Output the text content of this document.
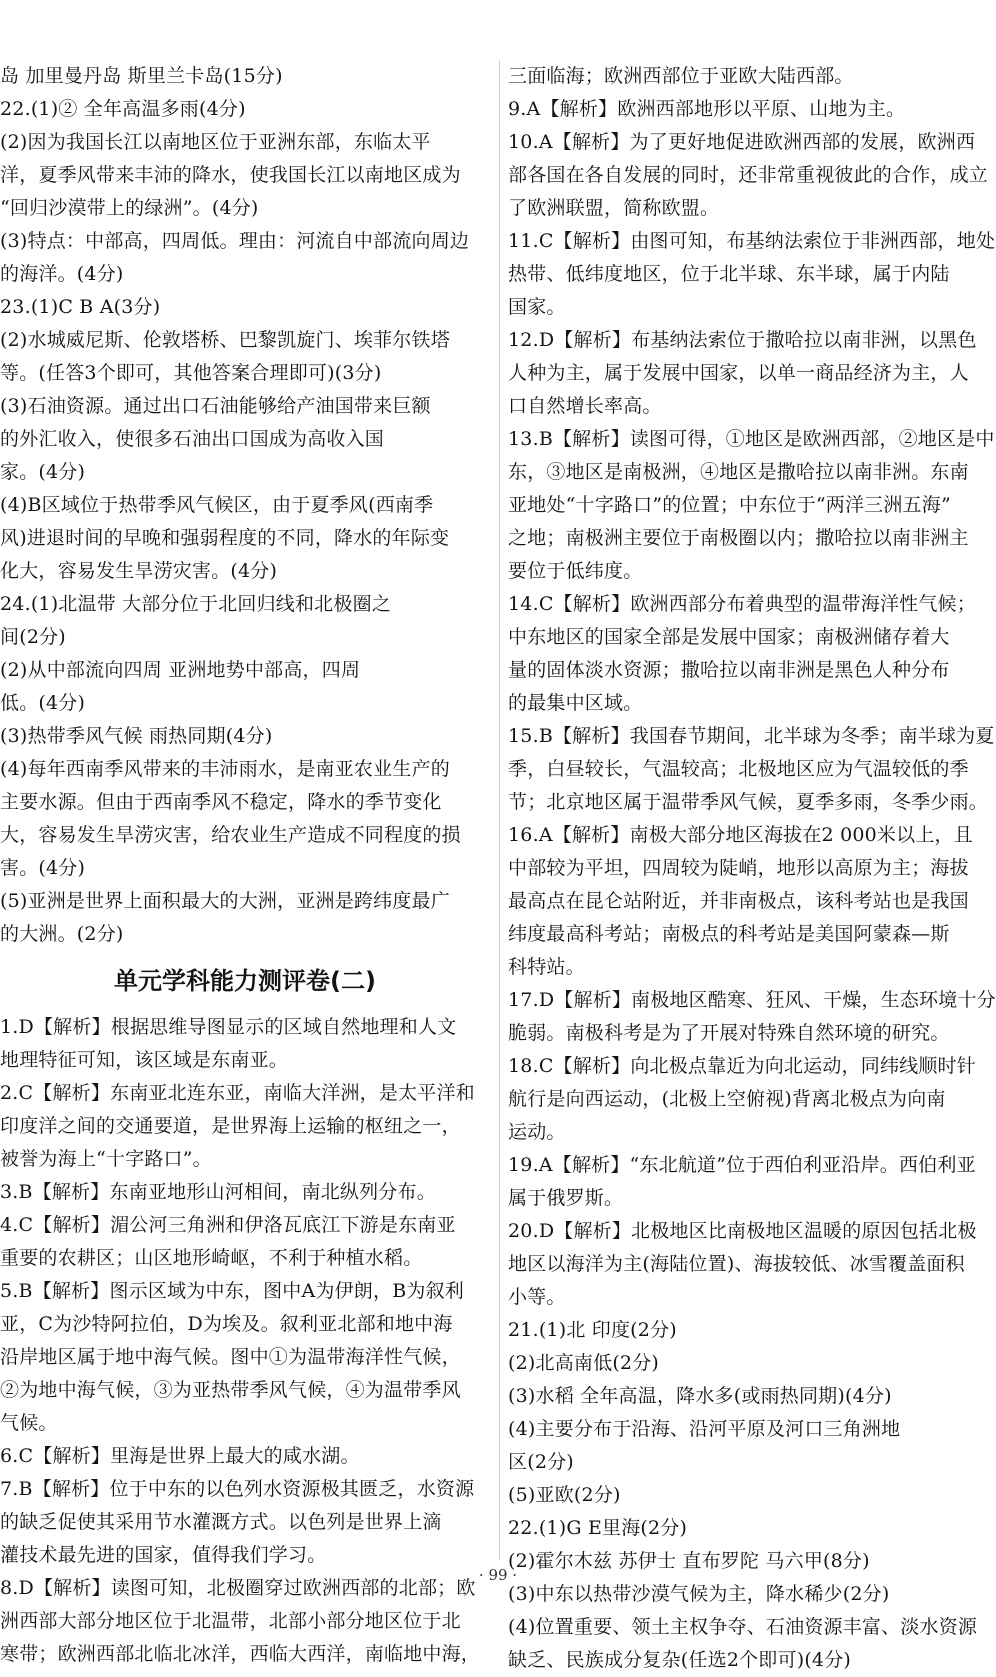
岛 加里曼丹岛 斯里兰卡岛(15分)
22.(1)② 全年高温多雨(4分)
(2)因为我国长江以南地区位于亚洲东部，东临太平
洋，夏季风带来丰沛的降水，使我国长江以南地区成为
“回归沙漠带上的绿洲”。(4分)
(3)特点：中部高，四周低。理由：河流自中部流向周边
的海洋。(4分)
23.(1)C B A(3分)
(2)水城威尼斯、伦敦塔桥、巴黎凯旋门、埃菲尔铁塔
等。(任答3个即可，其他答案合理即可)(3分)
(3)石油资源。通过出口石油能够给产油国带来巨额
的外汇收入，使很多石油出口国成为高收入国
家。(4分)
(4)B区域位于热带季风气候区，由于夏季风(西南季
风)进退时间的早晚和强弱程度的不同，降水的年际变
化大，容易发生旱涝灾害。(4分)
24.(1)北温带 大部分位于北回归线和北极圈之
间(2分)
(2)从中部流向四周 亚洲地势中部高，四周
低。(4分)
(3)热带季风气候 雨热同期(4分)
(4)每年西南季风带来的丰沛雨水，是南亚农业生产的
主要水源。但由于西南季风不稳定，降水的季节变化
大，容易发生旱涝灾害，给农业生产造成不同程度的损
害。(4分)
(5)亚洲是世界上面积最大的大洲，亚洲是跨纬度最广
的大洲。(2分)
单元学科能力测评卷(二)
1.D【解析】根据思维导图显示的区域自然地理和人文
地理特征可知，该区域是东南亚。
2.C【解析】东南亚北连东亚，南临大洋洲，是太平洋和
印度洋之间的交通要道，是世界海上运输的枢纽之一，
被誉为海上“十字路口”。
3.B【解析】东南亚地形山河相间，南北纵列分布。
4.C【解析】湄公河三角洲和伊洛瓦底江下游是东南亚
重要的农耕区；山区地形崎岖，不利于种植水稻。
5.B【解析】图示区域为中东，图中A为伊朗，B为叙利
亚，C为沙特阿拉伯，D为埃及。叙利亚北部和地中海
沿岸地区属于地中海气候。图中①为温带海洋性气候，
②为地中海气候，③为亚热带季风气候，④为温带季风
气候。
6.C【解析】里海是世界上最大的咸水湖。
7.B【解析】位于中东的以色列水资源极其匮乏，水资源
的缺乏促使其采用节水灌溉方式。以色列是世界上滴
灌技术最先进的国家，值得我们学习。
8.D【解析】读图可知，北极圈穿过欧洲西部的北部；欧
洲西部大部分地区位于北温带，北部小部分地区位于北
寒带；欧洲西部北临北冰洋，西临大西洋，南临地中海，
三面临海；欧洲西部位于亚欧大陆西部。
9.A【解析】欧洲西部地形以平原、山地为主。
10.A【解析】为了更好地促进欧洲西部的发展，欧洲西
部各国在各自发展的同时，还非常重视彼此的合作，成立
了欧洲联盟，简称欧盟。
11.C【解析】由图可知，布基纳法索位于非洲西部，地处
热带、低纬度地区，位于北半球、东半球，属于内陆
国家。
12.D【解析】布基纳法索位于撒哈拉以南非洲，以黑色
人种为主，属于发展中国家，以单一商品经济为主，人
口自然增长率高。
13.B【解析】读图可得，①地区是欧洲西部，②地区是中
东，③地区是南极洲，④地区是撒哈拉以南非洲。东南
亚地处“十字路口”的位置；中东位于“两洋三洲五海”
之地；南极洲主要位于南极圈以内；撒哈拉以南非洲主
要位于低纬度。
14.C【解析】欧洲西部分布着典型的温带海洋性气候；
中东地区的国家全部是发展中国家；南极洲储存着大
量的固体淡水资源；撒哈拉以南非洲是黑色人种分布
的最集中区域。
15.B【解析】我国春节期间，北半球为冬季；南半球为夏
季，白昼较长，气温较高；北极地区应为气温较低的季
节；北京地区属于温带季风气候，夏季多雨，冬季少雨。
16.A【解析】南极大部分地区海拔在2 000米以上，且
中部较为平坦，四周较为陡峭，地形以高原为主；海拔
最高点在昆仑站附近，并非南极点，该科考站也是我国
纬度最高科考站；南极点的科考站是美国阿蒙森—斯
科特站。
17.D【解析】南极地区酷寒、狂风、干燥，生态环境十分
脆弱。南极科考是为了开展对特殊自然环境的研究。
18.C【解析】向北极点靠近为向北运动，同纬线顺时针
航行是向西运动，(北极上空俯视)背离北极点为向南
运动。
19.A【解析】“东北航道”位于西伯利亚沿岸。西伯利亚
属于俄罗斯。
20.D【解析】北极地区比南极地区温暖的原因包括北极
地区以海洋为主(海陆位置)、海拔较低、冰雪覆盖面积
小等。
21.(1)北 印度(2分)
(2)北高南低(2分)
(3)水稻 全年高温，降水多(或雨热同期)(4分)
(4)主要分布于沿海、沿河平原及河口三角洲地
区(2分)
(5)亚欧(2分)
22.(1)G E里海(2分)
(2)霍尔木兹 苏伊士 直布罗陀 马六甲(8分)
(3)中东以热带沙漠气候为主，降水稀少(2分)
(4)位置重要、领土主权争夺、石油资源丰富、淡水资源
缺乏、民族成分复杂(任选2个即可)(4分)
· 99 ·
